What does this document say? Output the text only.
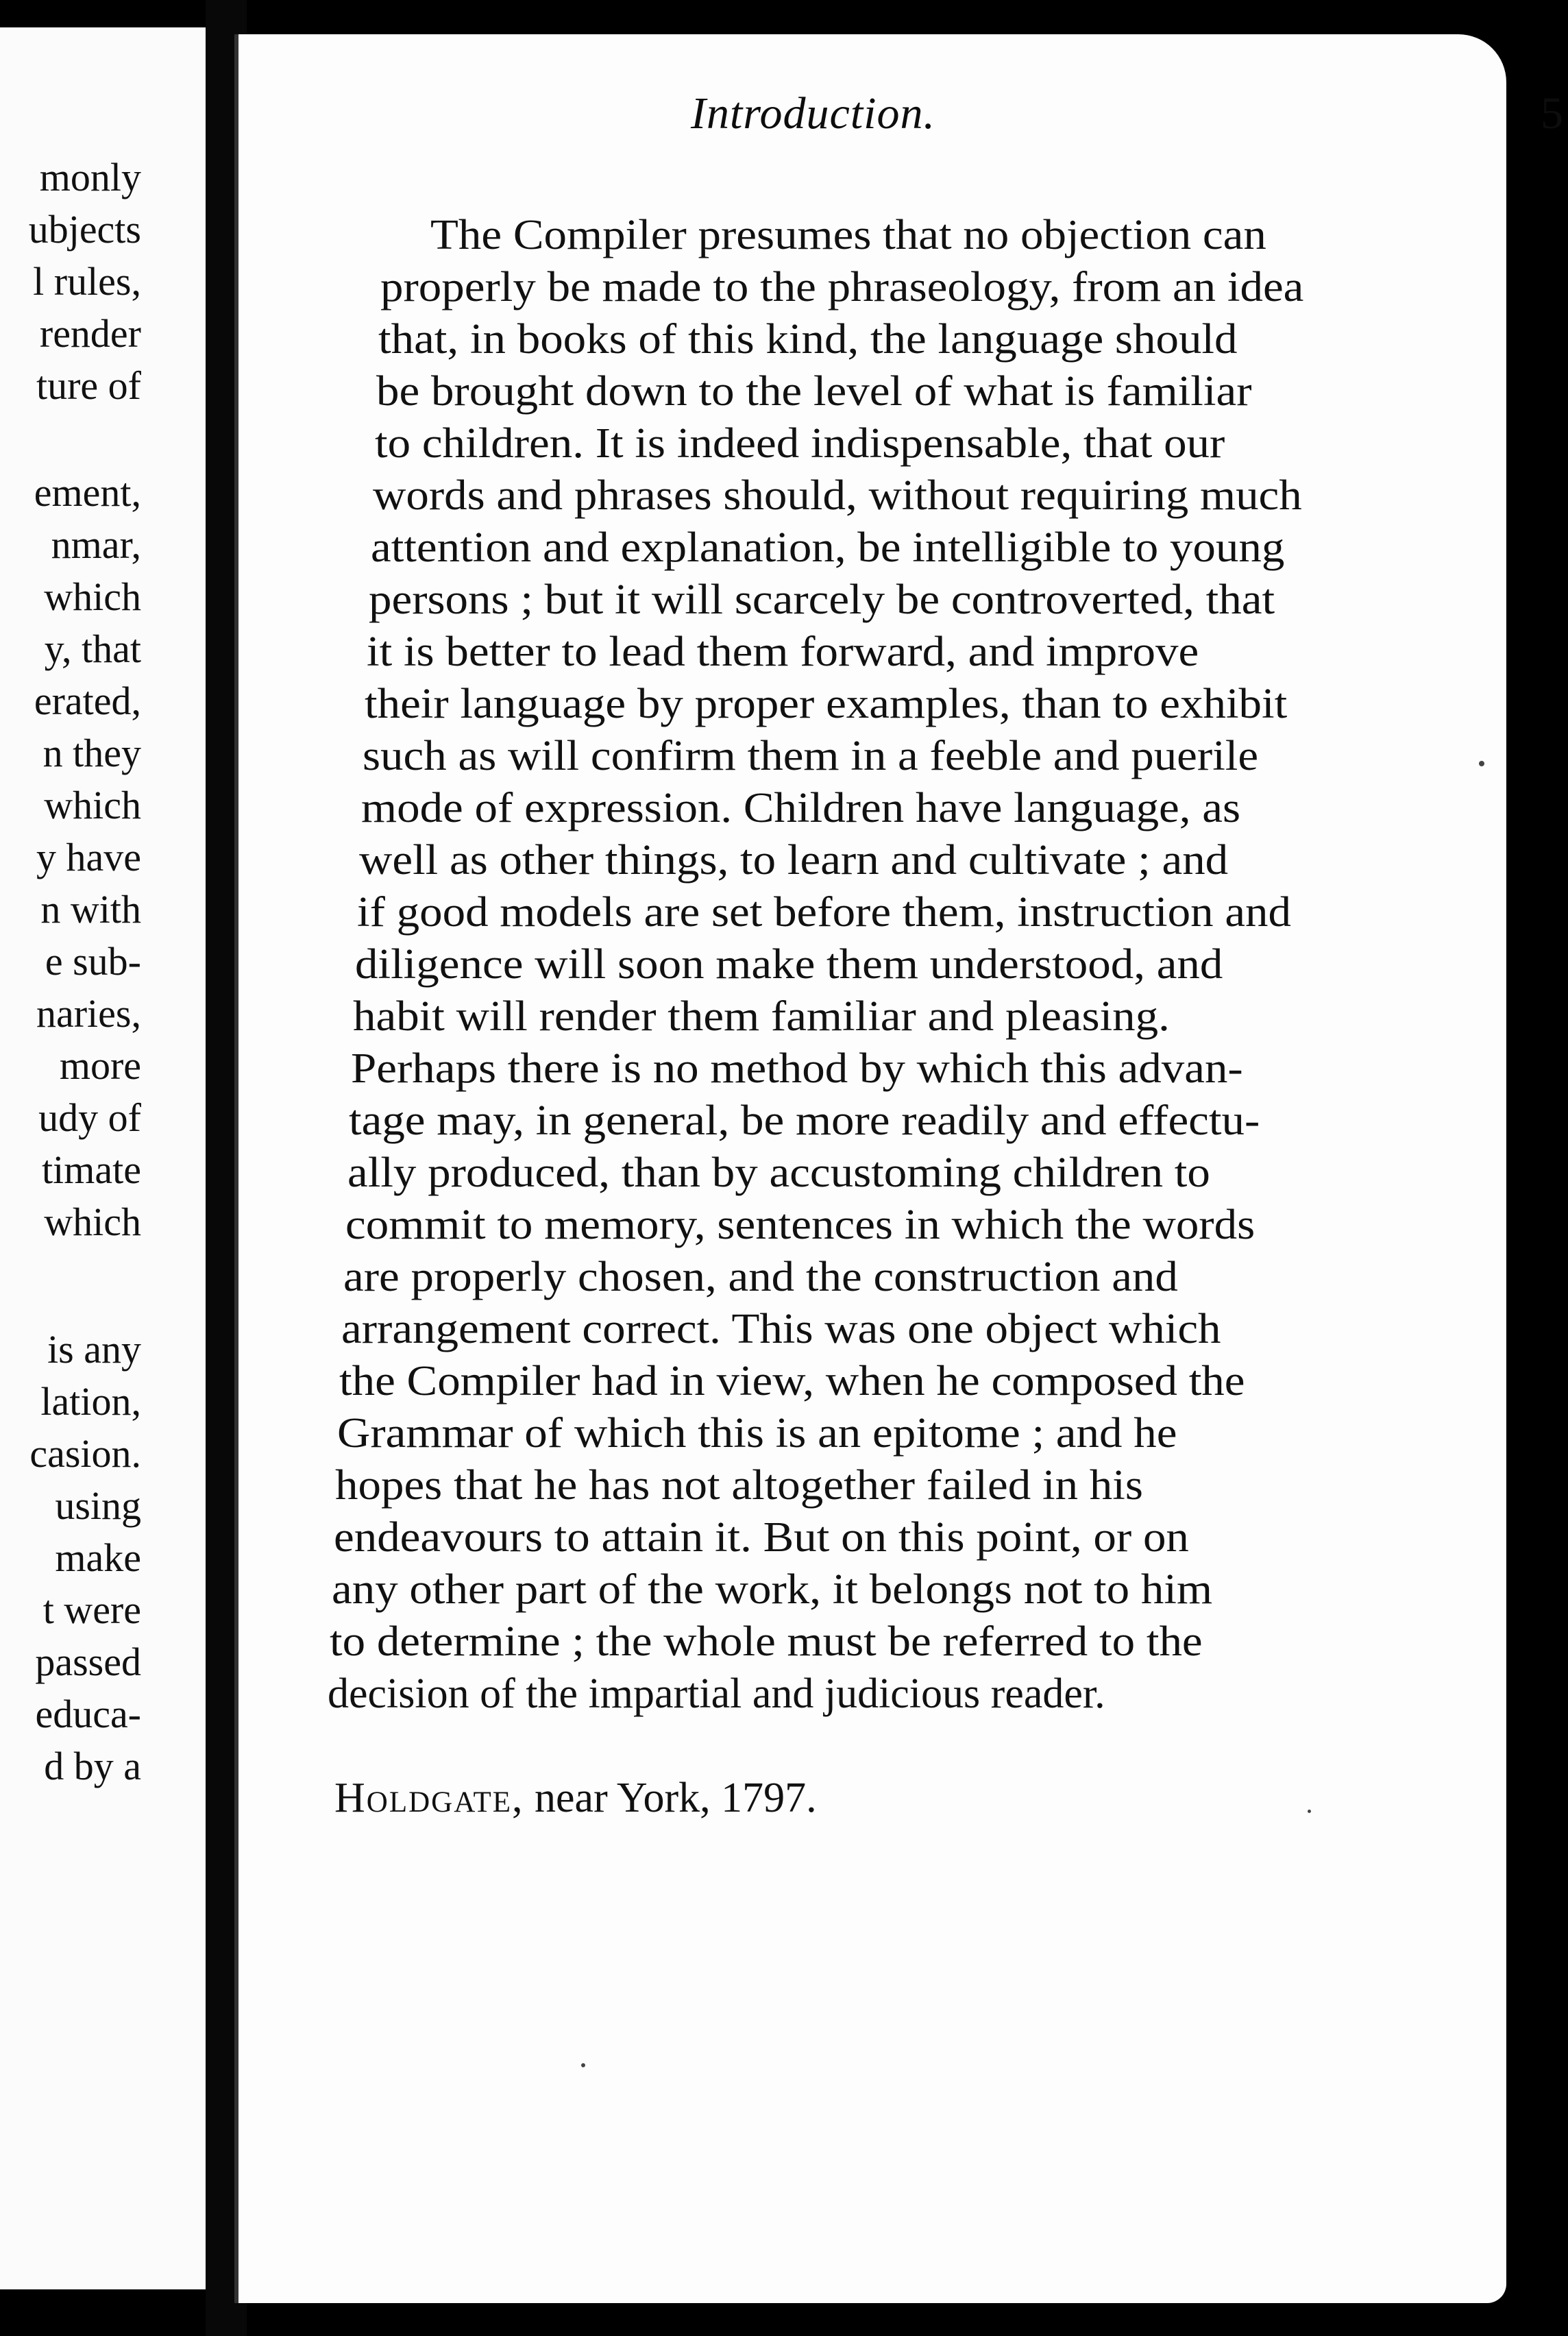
monly
ubjects
l rules,
render
ture of
ement,
nmar,
which
y, that
erated,
n they
which
y have
n with
e sub-
naries,
more
udy of
timate
which
is any
lation,
casion.
using
make
t were
passed
educa-
d by a
Introduction.	5
The Compiler presumes that no objection can
properly be made to the phraseology, from an idea
that, in books of this kind, the language should
be brought down to the level of what is familiar
to children. It is indeed indispensable, that our
words and phrases should, without requiring much
attention and explanation, be intelligible to young
persons ; but it will scarcely be controverted, that
it is better to lead them forward, and improve
their language by proper examples, than to exhibit
such as will confirm them in a feeble and puerile
mode of expression. Children have language, as
well as other things, to learn and cultivate ; and
if good models are set before them, instruction and
diligence will soon make them understood, and
habit will render them familiar and pleasing.
Perhaps there is no method by which this advan-
tage may, in general, be more readily and effectu-
ally produced, than by accustoming children to
commit to memory, sentences in which the words
are properly chosen, and the construction and
arrangement correct. This was one object which
the Compiler had in view, when he composed the
Grammar of which this is an epitome ; and he
hopes that he has not altogether failed in his
endeavours to attain it. But on this point, or on
any other part of the work, it belongs not to him
to determine ; the whole must be referred to the
decision of the impartial and judicious reader.
Holdgate, near York, 1797.
